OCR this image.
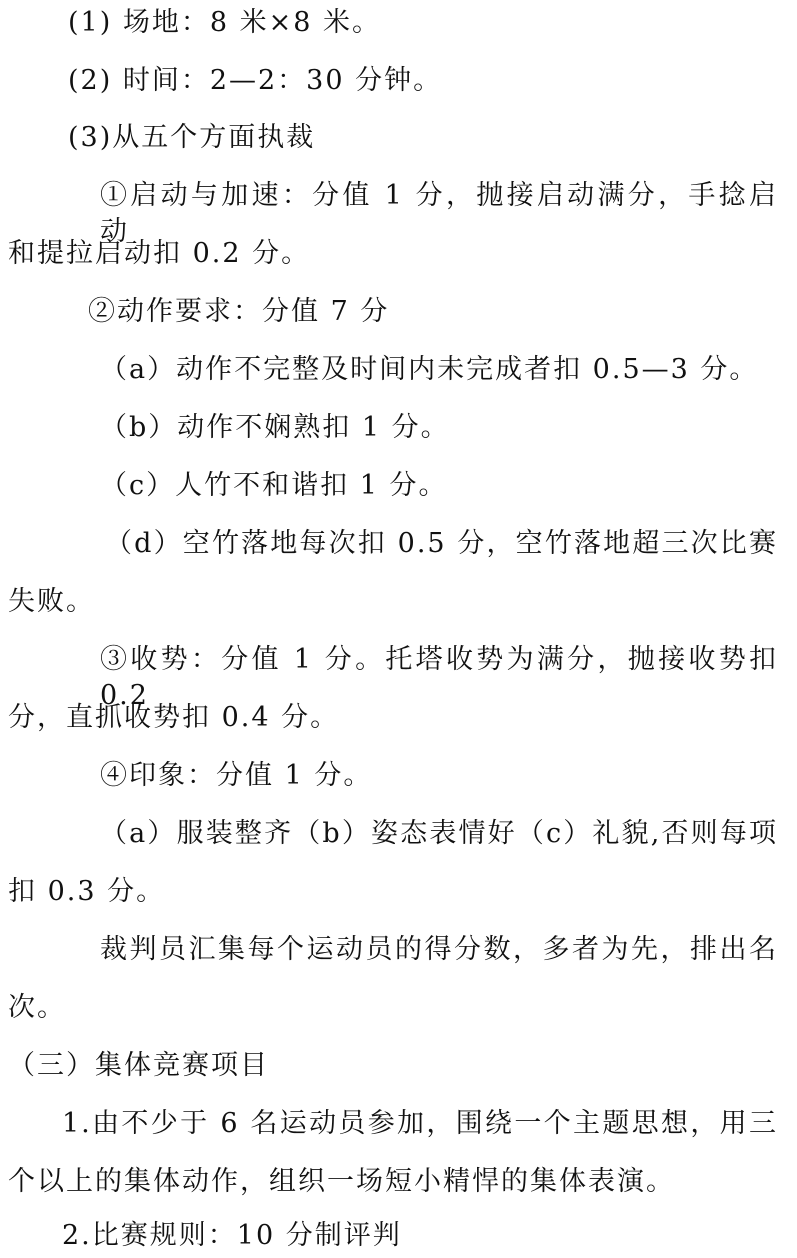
(1) 场地：8 米×8 米。

(2) 时间：2—2：30 分钟。

(3)从五个方面执裁

①启动与加速：分值 1 分，抛接启动满分，手捻启动

和提拉启动扣 0.2 分。

②动作要求：分值 7 分

（a）动作不完整及时间内未完成者扣 0.5—3 分。

（b）动作不娴熟扣 1 分。

（c）人竹不和谐扣 1 分。

（d）空竹落地每次扣 0.5 分，空竹落地超三次比赛

失败。

③收势：分值 1 分。托塔收势为满分，抛接收势扣 0.2

分，直抓收势扣 0.4 分。

④印象：分值 1 分。

（a）服装整齐（b）姿态表情好（c）礼貌,否则每项

扣 0.3 分。

裁判员汇集每个运动员的得分数，多者为先，排出名

次。

（三）集体竞赛项目

1.由不少于 6 名运动员参加，围绕一个主题思想，用三

个以上的集体动作，组织一场短小精悍的集体表演。

2.比赛规则：10 分制评判
